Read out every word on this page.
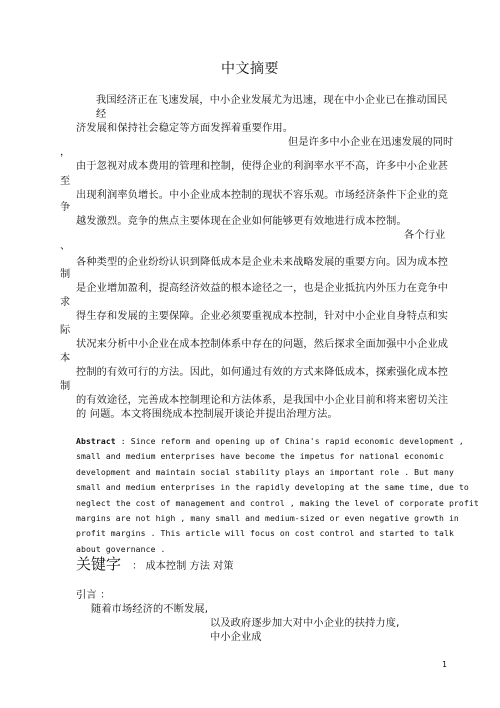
中文摘要
我国经济正在飞速发展，中小企业发展尤为迅速，现在中小企业已在推动国民
经
济发展和保持社会稳定等方面发挥着重要作用。
但是许多中小企业在迅速发展的同时
，
由于忽视对成本费用的管理和控制，使得企业的利润率水平不高，许多中小企业甚
至
出现利润率负增长。中小企业成本控制的现状不容乐观。市场经济条件下企业的竞
争
越发激烈。竞争的焦点主要体现在企业如何能够更有效地进行成本控制。
各个行业
、
各种类型的企业纷纷认识到降低成本是企业未来战略发展的重要方向。因为成本控
制
是企业增加盈利，提高经济效益的根本途径之一，也是企业抵抗内外压力在竞争中
求
得生存和发展的主要保障。企业必须要重视成本控制，针对中小企业自身特点和实
际
状况来分析中小企业在成本控制体系中存在的问题，然后探求全面加强中小企业成
本
控制的有效可行的方法。因此，如何通过有效的方式来降低成本，探索强化成本控
制
的有效途径，完善成本控制理论和方法体系，是我国中小企业目前和将来密切关注
的 问题。本文将围绕成本控制展开谈论并提出治理方法。
Abstract : Since reform and opening up of China's rapid economic development ,
small and medium enterprises have become the impetus for national economic
development and maintain social stability plays an important role . But many
small and medium enterprises in the rapidly developing at the same time, due to
neglect the cost of management and control , making the level of corporate profit
margins are not high , many small and medium-sized or even negative growth in
profit margins . This article will focus on cost control and started to talk
about governance .
关键字 ： 成本控制 方法 对策
引言 ：
随着市场经济的不断发展,
以及政府逐步加大对中小企业的扶持力度,
中小企业成
1
